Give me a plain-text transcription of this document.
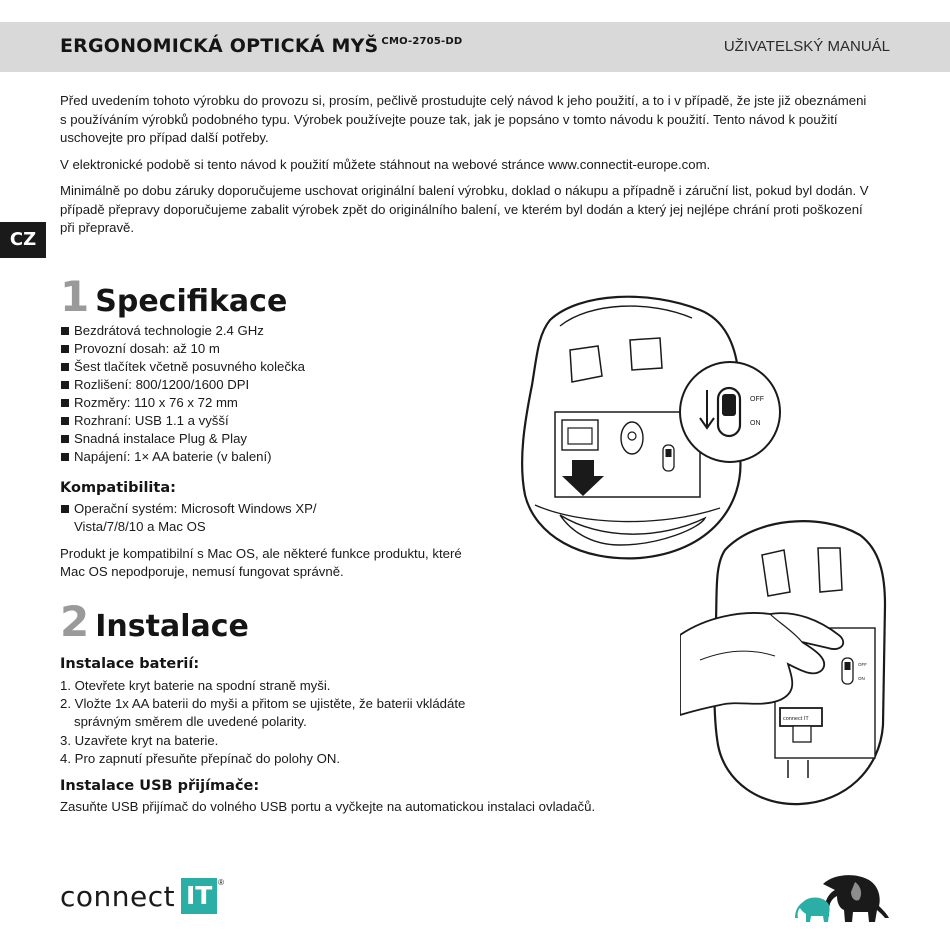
ERGONOMICKÁ OPTICKÁ MYŠ $^{CMO-2705-DD}$	UŽIVATELSKÝ MANUÁL
CZ

Před uvedením tohoto výrobku do provozu si, prosím, pečlivě prostudujte celý návod k jeho použití, a to i v případě, že jste již obeznámeni s používáním výrobků podobného typu. Výrobek používejte pouze tak, jak je popsáno v tomto návodu k použití. Tento návod k použití uschovejte pro případ další potřeby.

V elektronické podobě si tento návod k použití můžete stáhnout na webové stránce www.connectit-europe.com.

Minimálně po dobu záruky doporučujeme uschovat originální balení výrobku, doklad o nákupu a případně i záruční list, pokud byl dodán. V případě přepravy doporučujeme zabalit výrobek zpět do originálního balení, ve kterém byl dodán a který jej nejlépe chrání proti poškození při přepravě.

1 Specifikace
Bezdrátová technologie 2.4 GHz
Provozní dosah: až 10 m
Šest tlačítek včetně posuvného kolečka
Rozlišení: 800/1200/1600 DPI
Rozměry: 110 x 76 x 72 mm
Rozhraní: USB 1.1 a vyšší
Snadná instalace Plug & Play
Napájení: 1× AA baterie (v balení)
Kompatibilita:
Operační systém: Microsoft Windows XP/ Vista/7/8/10 a Mac OS
Produkt je kompatibilní s Mac OS, ale některé funkce produktu, které Mac OS nepodporuje, nemusí fungovat správně.
2 Instalace
Instalace baterií:
1. Otevřete kryt baterie na spodní straně myši.
2. Vložte 1x AA baterii do myši a přitom se ujistěte, že baterii vkládáte správným směrem dle uvedené polarity.
3. Uzavřete kryt na baterie.
4. Pro zapnutí přesuňte přepínač do polohy ON.
Instalace USB přijímače:
Zasuňte USB přijímač do volného USB portu a vyčkejte na automatickou instalaci ovladačů.
OFF
ON
OFF
ON
connect IT
connect IT ®
